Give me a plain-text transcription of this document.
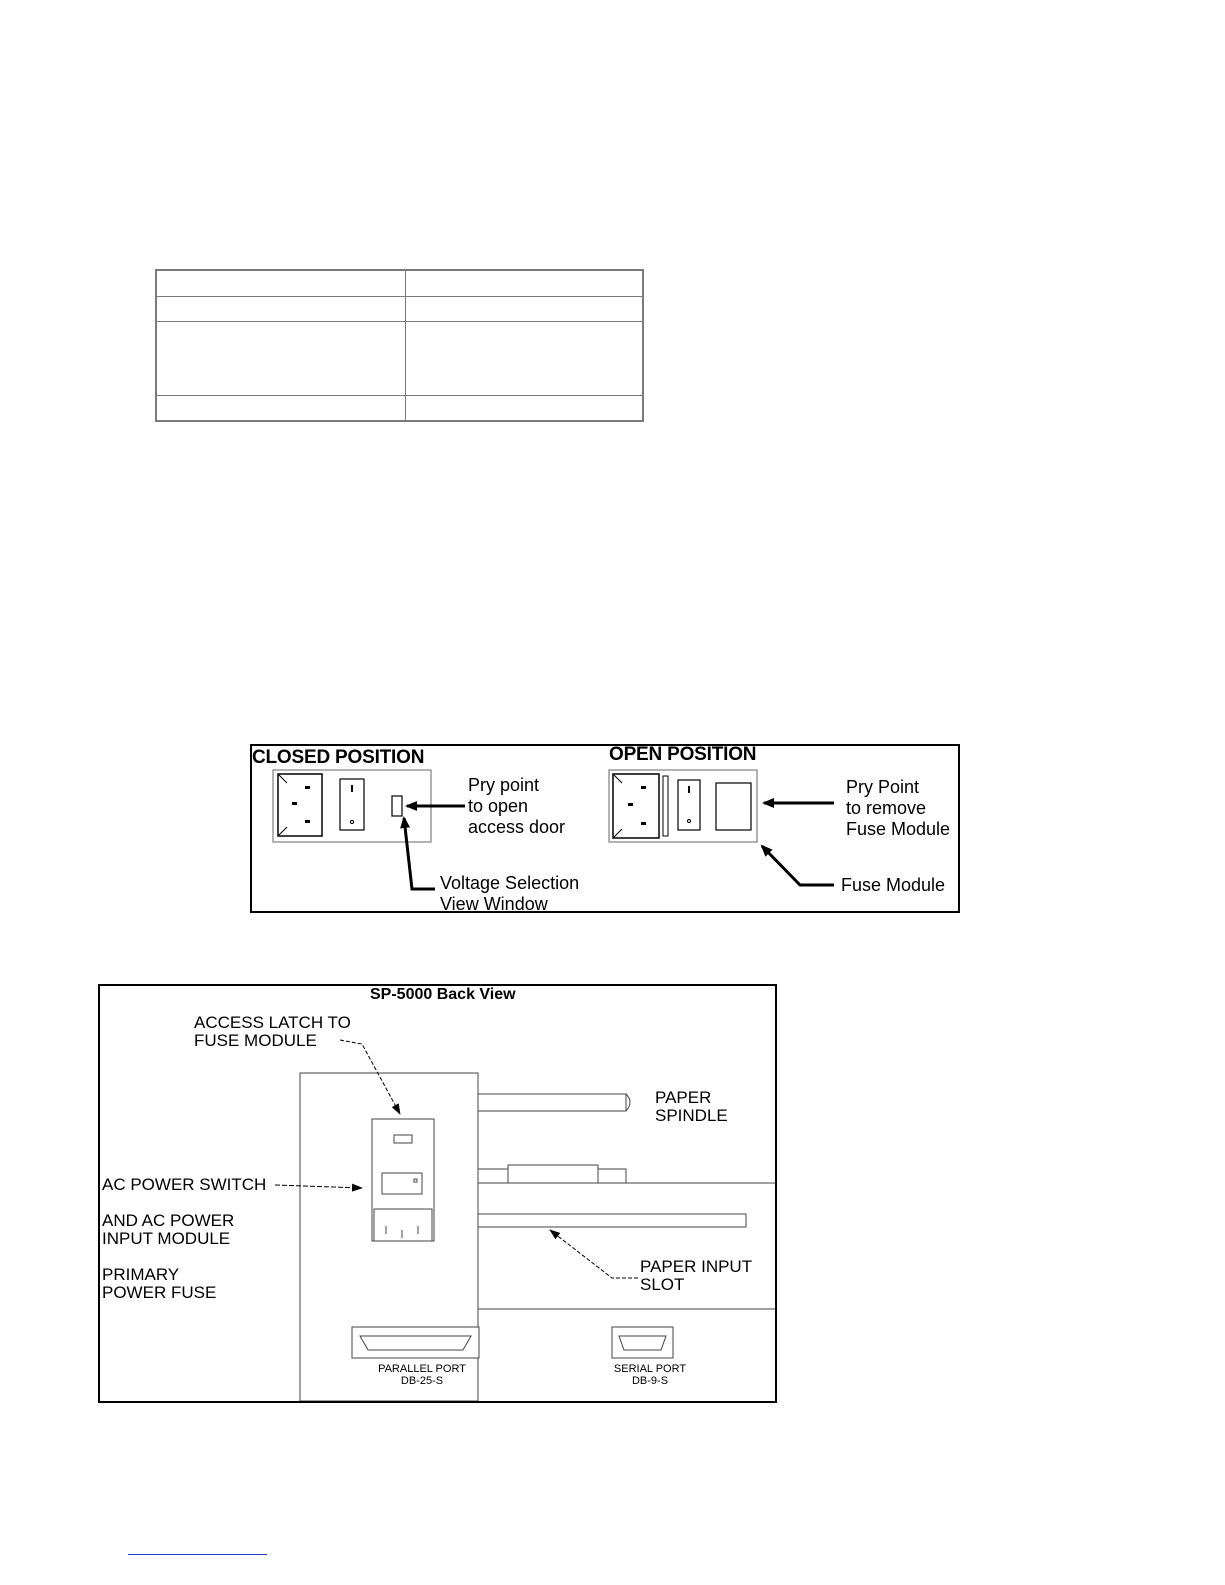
CLOSED POSITION	OPEN POSITION

Pry point
to open
access door
Voltage Selection
View Window
Pry Point
to remove
Fuse Module
Fuse Module
SP-5000 Back View
ACCESS LATCH TO
FUSE MODULE
PAPER
SPINDLE
AC POWER SWITCH
AND AC POWER
INPUT MODULE
PRIMARY
POWER FUSE
PAPER INPUT
SLOT
PARALLEL PORT
DB-25-S
SERIAL PORT
DB-9-S
